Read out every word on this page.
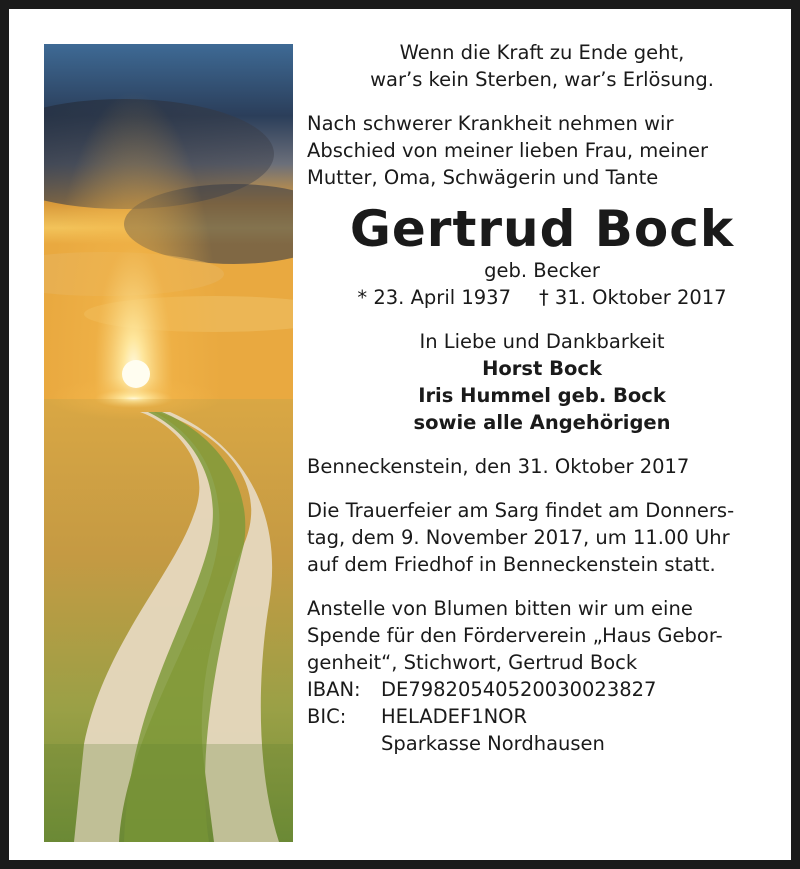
Wenn die Kraft zu Ende geht,
war’s kein Sterben, war’s Erlösung.
Nach schwerer Krankheit nehmen wir
Abschied von meiner lieben Frau, meiner
Mutter, Oma, Schwägerin und Tante
Gertrud Bock
geb. Becker
* 23. April 1937 † 31. Oktober 2017
In Liebe und Dankbarkeit
Horst Bock
Iris Hummel geb. Bock
sowie alle Angehörigen
Benneckenstein, den 31. Oktober 2017
Die Trauerfeier am Sarg findet am Donners-
tag, dem 9. November 2017, um 11.00 Uhr
auf dem Friedhof in Benneckenstein statt.
Anstelle von Blumen bitten wir um eine
Spende für den Förderverein „Haus Gebor-
genheit“, Stichwort, Gertrud Bock
IBAN:	DE79820540520030023827
BIC:	HELADEF1NOR
Sparkasse Nordhausen
